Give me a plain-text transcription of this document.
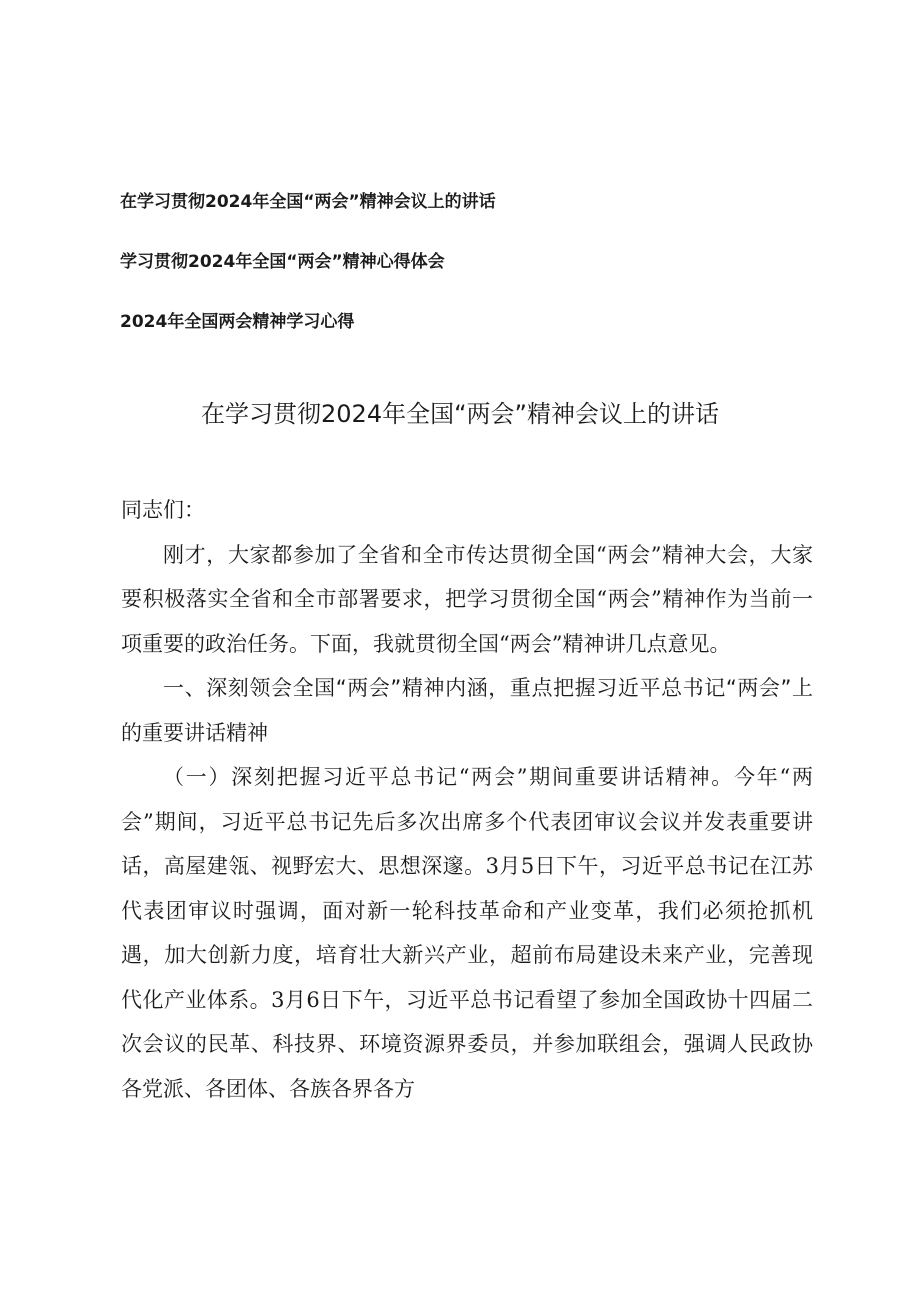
在学习贯彻2024年全国“两会”精神会议上的讲话
学习贯彻2024年全国“两会”精神心得体会
2024年全国两会精神学习心得
在学习贯彻2024年全国“两会”精神会议上的讲话
同志们：

刚才，大家都参加了全省和全市传达贯彻全国“两会”精神大会，大家要积极落实全省和全市部署要求，把学习贯彻全国“两会”精神作为当前一项重要的政治任务。下面，我就贯彻全国“两会”精神讲几点意见。

一、深刻领会全国“两会”精神内涵，重点把握习近平总书记“两会”上的重要讲话精神

（一）深刻把握习近平总书记“两会”期间重要讲话精神。今年“两会”期间，习近平总书记先后多次出席多个代表团审议会议并发表重要讲话，高屋建瓴、视野宏大、思想深邃。3月5日下午，习近平总书记在江苏代表团审议时强调，面对新一轮科技革命和产业变革，我们必须抢抓机遇，加大创新力度，培育壮大新兴产业，超前布局建设未来产业，完善现代化产业体系。3月6日下午，习近平总书记看望了参加全国政协十四届二次会议的民革、科技界、环境资源界委员，并参加联组会，强调人民政协各党派、各团体、各族各界各方
